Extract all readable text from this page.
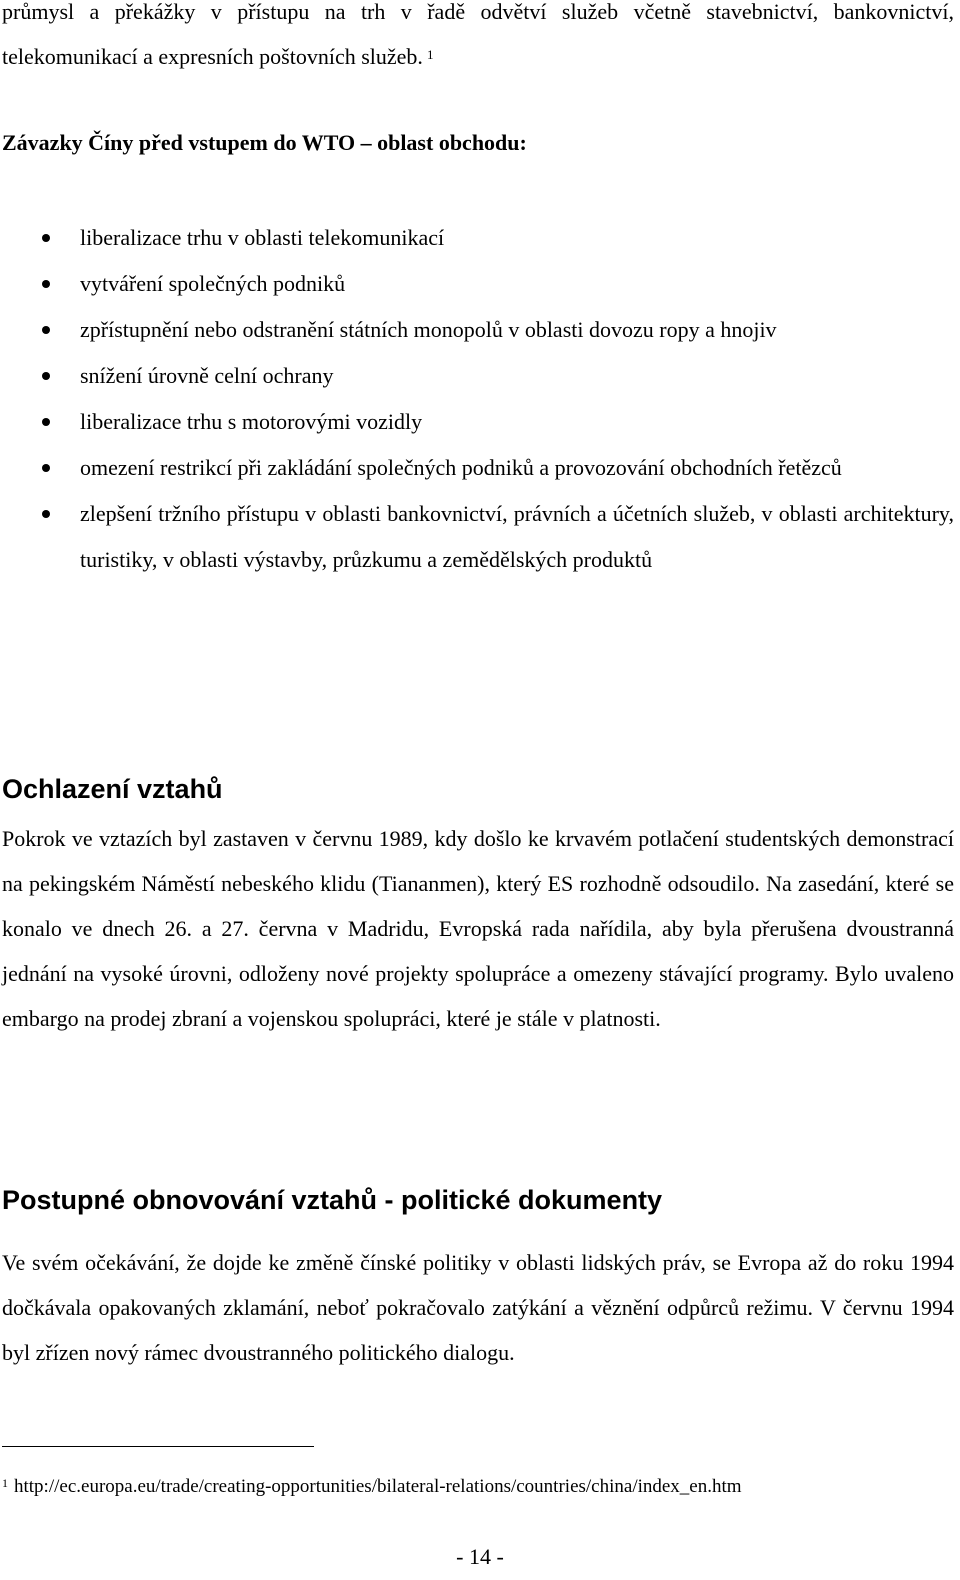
průmysl a překážky v přístupu na trh v řadě odvětví služeb včetně stavebnictví, bankovnictví, telekomunikací a expresních poštovních služeb. $^1$

Závazky Číny před vstupem do WTO – oblast obchodu:
liberalizace trhu v oblasti telekomunikací
vytváření společných podniků
zpřístupnění nebo odstranění státních monopolů v oblasti dovozu ropy a hnojiv
snížení úrovně celní ochrany
liberalizace trhu s motorovými vozidly
omezení restrikcí při zakládání společných podniků a provozování obchodních řetězců
zlepšení tržního přístupu v oblasti bankovnictví, právních a účetních služeb, v oblasti architektury, turistiky, v oblasti výstavby, průzkumu a zemědělských produktů
Ochlazení vztahů

Pokrok ve vztazích byl zastaven v červnu 1989, kdy došlo ke krvavém potlačení studentských demonstrací na pekingském Náměstí nebeského klidu (Tiananmen), který ES rozhodně odsoudilo. Na zasedání, které se konalo ve dnech 26. a 27. června v Madridu, Evropská rada nařídila, aby byla přerušena dvoustranná jednání na vysoké úrovni, odloženy nové projekty spolupráce a omezeny stávající programy. Bylo uvaleno embargo na prodej zbraní a vojenskou spolupráci, které je stále v platnosti.

Postupné obnovování vztahů - politické dokumenty

Ve svém očekávání, že dojde ke změně čínské politiky v oblasti lidských práv, se Evropa až do roku 1994 dočkávala opakovaných zklamání, neboť pokračovalo zatýkání a věznění odpůrců režimu. V červnu 1994 byl zřízen nový rámec dvoustranného politického dialogu.

$^1$ http://ec.europa.eu/trade/creating-opportunities/bilateral-relations/countries/china/index_en.htm
- 14 -
